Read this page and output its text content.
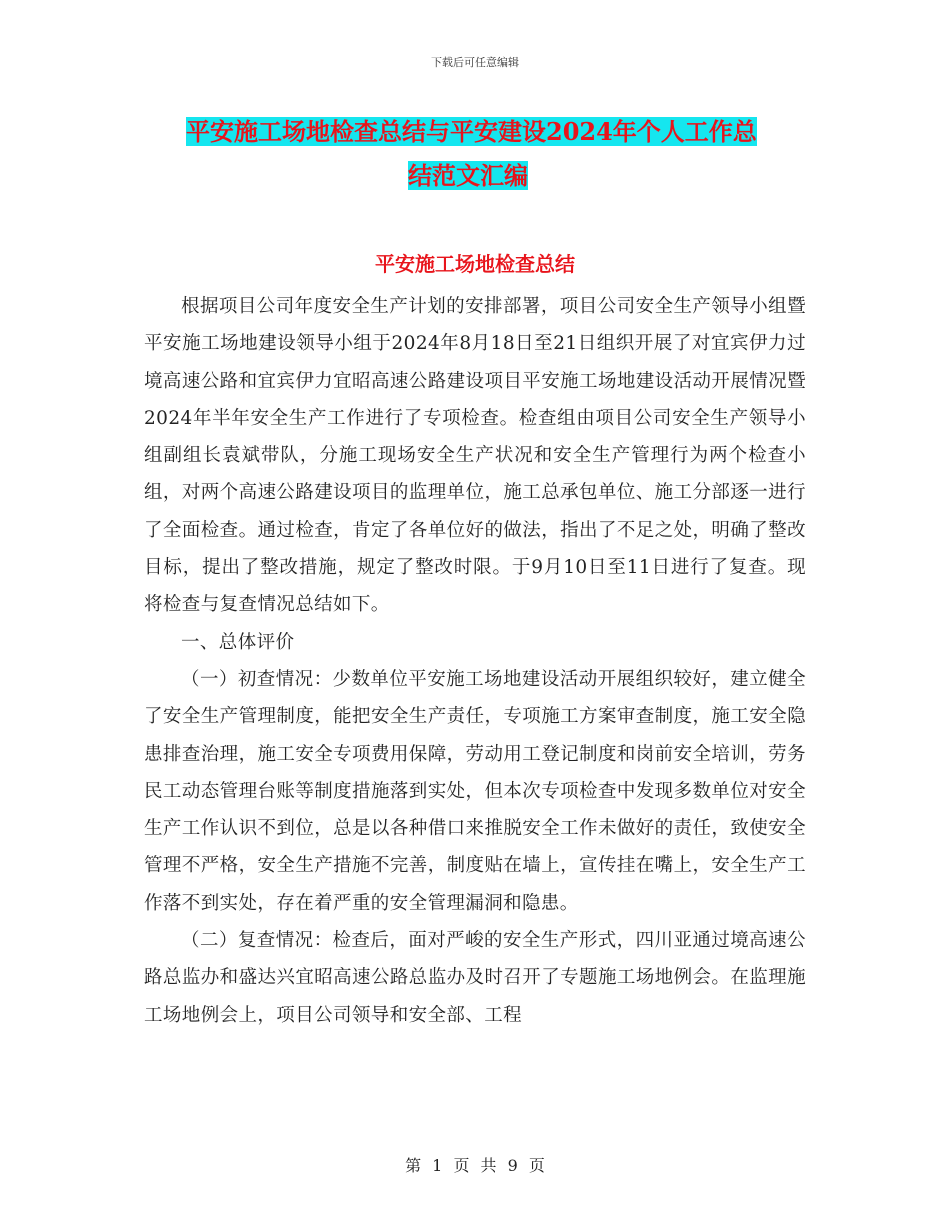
下载后可任意编辑
平安施工场地检查总结与平安建设2024年个人工作总
结范文汇编
平安施工场地检查总结

根据项目公司年度安全生产计划的安排部署，项目公司安全生产领导小组暨平安施工场地建设领导小组于2024年8月18日至21日组织开展了对宜宾伊力过境高速公路和宜宾伊力宜昭高速公路建设项目平安施工场地建设活动开展情况暨2024年半年安全生产工作进行了专项检查。检查组由项目公司安全生产领导小组副组长袁斌带队，分施工现场安全生产状况和安全生产管理行为两个检查小组，对两个高速公路建设项目的监理单位，施工总承包单位、施工分部逐一进行了全面检查。通过检查，肯定了各单位好的做法，指出了不足之处，明确了整改目标，提出了整改措施，规定了整改时限。于9月10日至11日进行了复查。现将检查与复查情况总结如下。

一、总体评价

（一）初查情况：少数单位平安施工场地建设活动开展组织较好，建立健全了安全生产管理制度，能把安全生产责任，专项施工方案审查制度，施工安全隐患排查治理，施工安全专项费用保障，劳动用工登记制度和岗前安全培训，劳务民工动态管理台账等制度措施落到实处，但本次专项检查中发现多数单位对安全生产工作认识不到位，总是以各种借口来推脱安全工作未做好的责任，致使安全管理不严格，安全生产措施不完善，制度贴在墙上，宣传挂在嘴上，安全生产工作落不到实处，存在着严重的安全管理漏洞和隐患。

（二）复查情况：检查后，面对严峻的安全生产形式，四川亚通过境高速公路总监办和盛达兴宜昭高速公路总监办及时召开了专题施工场地例会。在监理施工场地例会上，项目公司领导和安全部、工程

第 1 页 共 9 页
